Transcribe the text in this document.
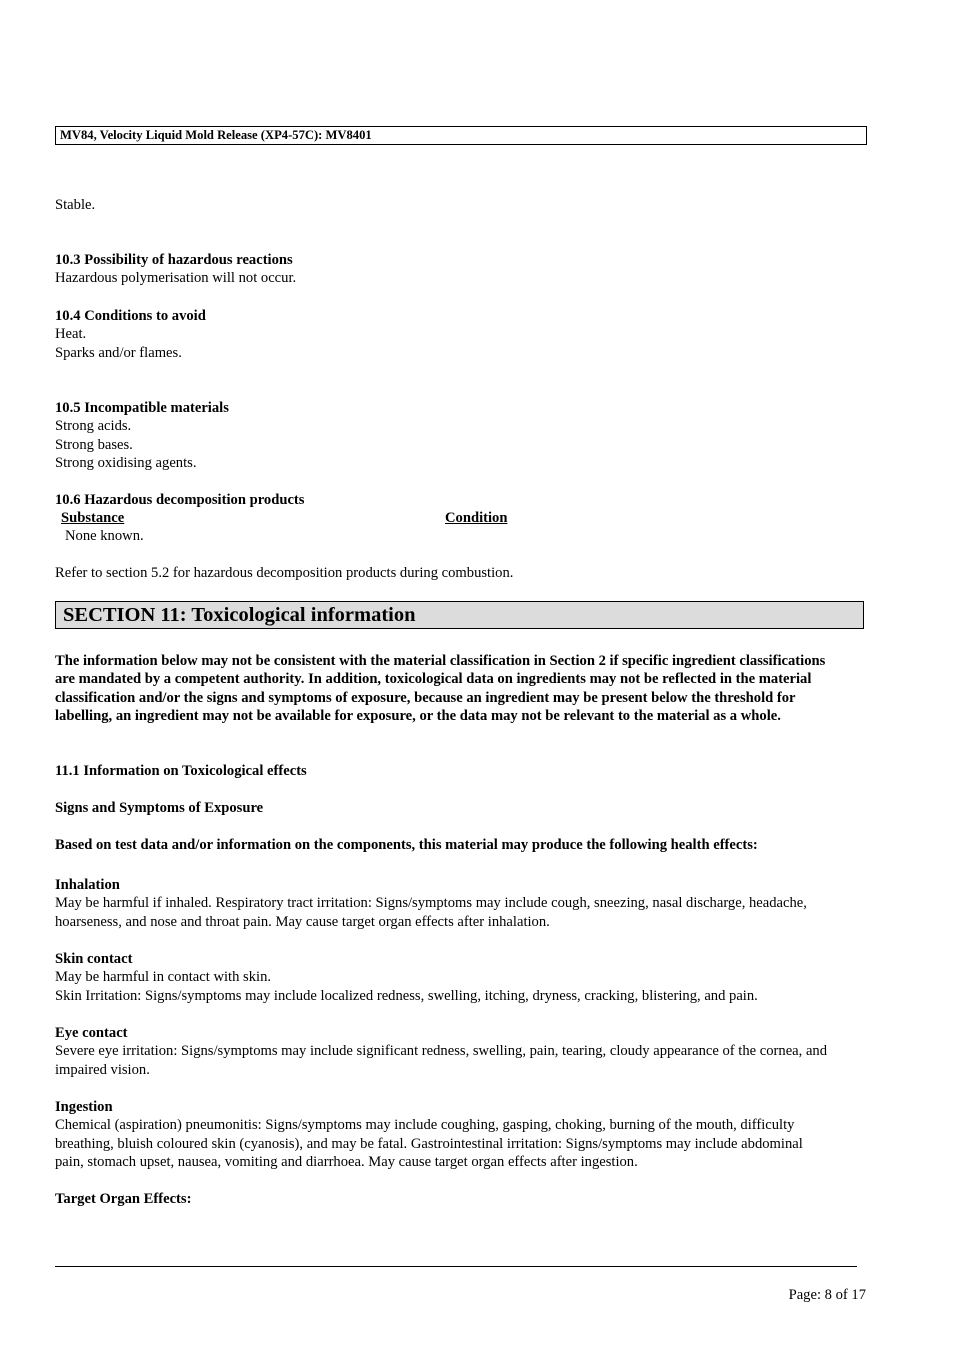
MV84, Velocity Liquid Mold Release (XP4-57C): MV8401
Stable.

10.3 Possibility of hazardous reactions

Hazardous polymerisation will not occur.

10.4 Conditions to avoid

Heat.

Sparks and/or flames.

10.5 Incompatible materials

Strong acids.

Strong bases.

Strong oxidising agents.

10.6 Hazardous decomposition products
Substance	Condition
None known.
Refer to section 5.2 for hazardous decomposition products during combustion.
SECTION 11: Toxicological information
The information below may not be consistent with the material classification in Section 2 if specific ingredient classifications are mandated by a competent authority. In addition, toxicological data on ingredients may not be reflected in the material classification and/or the signs and symptoms of exposure, because an ingredient may be present below the threshold for labelling, an ingredient may not be available for exposure, or the data may not be relevant to the material as a whole.
11.1 Information on Toxicological effects
Signs and Symptoms of Exposure
Based on test data and/or information on the components, this material may produce the following health effects:

Inhalation

May be harmful if inhaled. Respiratory tract irritation: Signs/symptoms may include cough, sneezing, nasal discharge, headache, hoarseness, and nose and throat pain. May cause target organ effects after inhalation.

Skin contact

May be harmful in contact with skin.

Skin Irritation: Signs/symptoms may include localized redness, swelling, itching, dryness, cracking, blistering, and pain.

Eye contact

Severe eye irritation: Signs/symptoms may include significant redness, swelling, pain, tearing, cloudy appearance of the cornea, and impaired vision.

Ingestion

Chemical (aspiration) pneumonitis: Signs/symptoms may include coughing, gasping, choking, burning of the mouth, difficulty breathing, bluish coloured skin (cyanosis), and may be fatal. Gastrointestinal irritation: Signs/symptoms may include abdominal pain, stomach upset, nausea, vomiting and diarrhoea. May cause target organ effects after ingestion.

Target Organ Effects:
Page: 8 of 17
